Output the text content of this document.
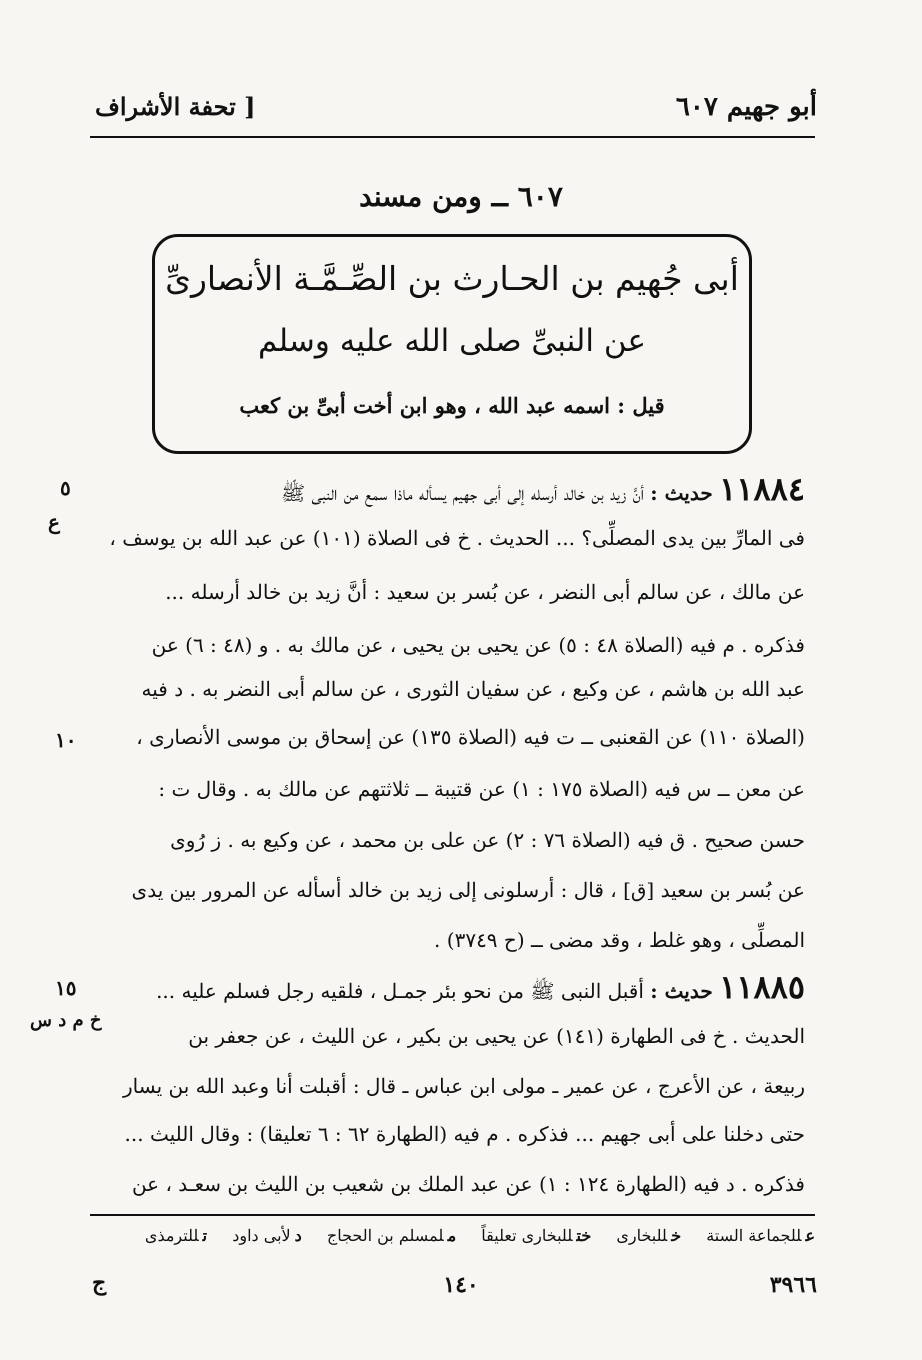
أبو جهيم ٦٠٧
[ تحفة الأشراف
٦٠٧ ــ ومن مسند
أبى جُهيم بن الحـارث بن الصِّـمَّـة الأنصارىِّ
عن النبىِّ صلى الله عليه وسلم
قيل : اسمه عبد الله ، وهو ابن أخت أبىِّ بن كعب
١١٨٨٤ حديث : أنَّ زيد بن خالد أرسله إلى أبى جهيم يسأله ماذا سمع من النبى ﷺ
فى المارِّ بين يدى المصلِّى؟ ... الحديث . خ فى الصلاة (١٠١) عن عبد الله بن يوسف ،
عن مالك ، عن سالم أبى النضر ، عن بُسر بن سعيد : أنَّ زيد بن خالد أرسله ...
فذكره . م فيه (الصلاة ٤٨ : ٥) عن يحيى بن يحيى ، عن مالك به . و (٤٨ : ٦) عن
عبد الله بن هاشم ، عن وكيع ، عن سفيان الثورى ، عن سالم أبى النضر به . د فيه
(الصلاة ١١٠) عن القعنبى ــ ت فيه (الصلاة ١٣٥) عن إسحاق بن موسى الأنصارى ،
عن معن ــ س فيه (الصلاة ١٧٥ : ١) عن قتيبة ــ ثلاثتهم عن مالك به . وقال ت :
حسن صحيح . ق فيه (الصلاة ٧٦ : ٢) عن على بن محمد ، عن وكيع به . ز رُوى
عن بُسر بن سعيد [ق] ، قال : أرسلونى إلى زيد بن خالد أسأله عن المرور بين يدى
المصلِّى ، وهو غلط ، وقد مضى ــ (ح ٣٧٤٩) .
ع
١١٨٨٥ حديث : أقبل النبى ﷺ من نحو بئر جمـل ، فلقيه رجل فسلم عليه ...
الحديث . خ فى الطهارة (١٤١) عن يحيى بن بكير ، عن الليث ، عن جعفر بن
ربيعة ، عن الأعرج ، عن عمير ـ مولى ابن عباس ـ قال : أقبلت أنا وعبد الله بن يسار
حتى دخلنا على أبى جهيم ... فذكره . م فيه (الطهارة ٦٢ : ٦ تعليقا) : وقال الليث ...
فذكره . د فيه (الطهارة ١٢٤ : ١) عن عبد الملك بن شعيب بن الليث بن سعـد ، عن
خ م د س
٥
١٠
١٥
عللجماعة الستة خللبخارى ختللبخارى تعليقاً ملمسلم بن الحجاج دلأبى داود تللترمذى
٣٩٦٦
١٤٠
ج
